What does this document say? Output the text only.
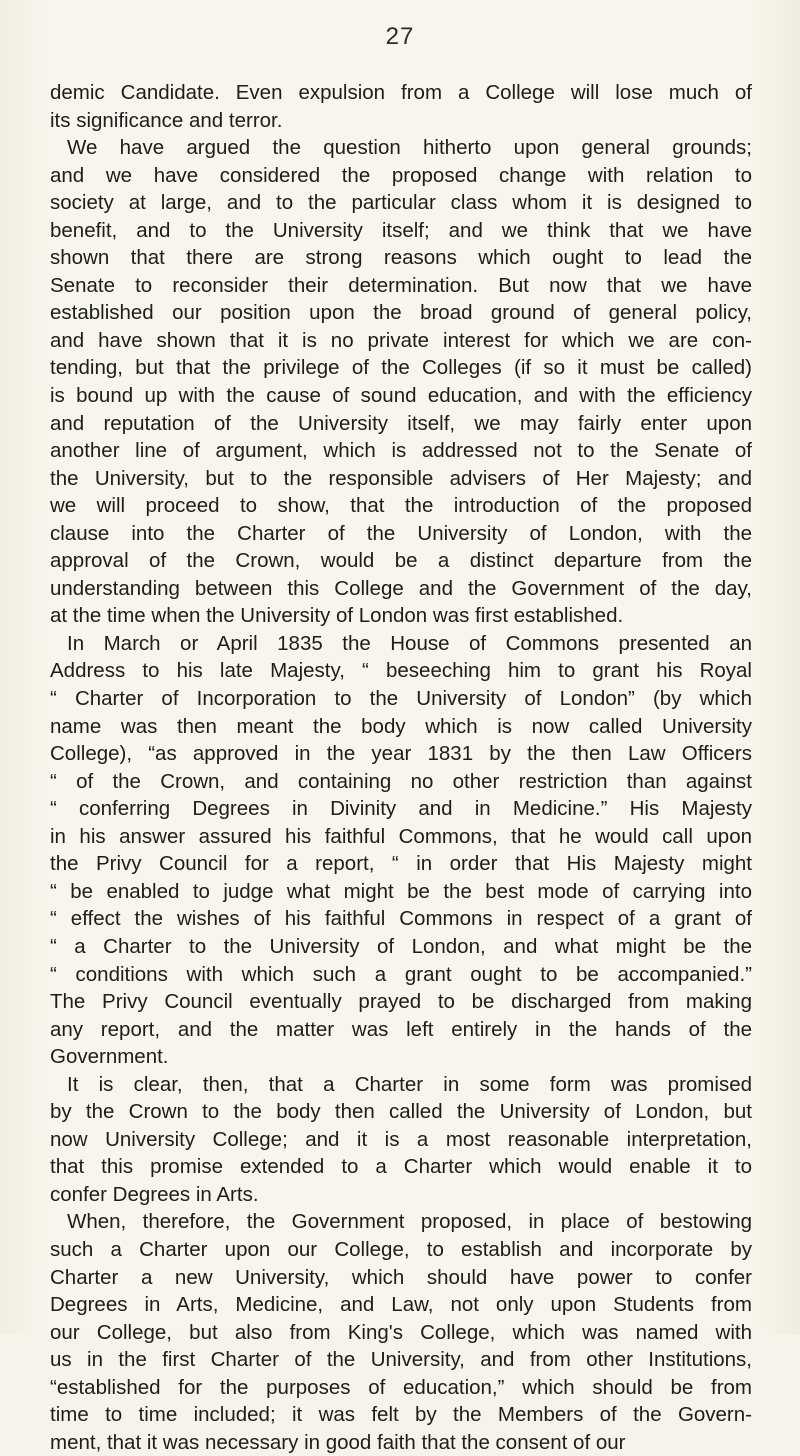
27
demic Candidate. Even expulsion from a College will lose much of
its significance and terror.
We have argued the question hitherto upon general grounds;
and we have considered the proposed change with relation to
society at large, and to the particular class whom it is designed to
benefit, and to the University itself; and we think that we have
shown that there are strong reasons which ought to lead the
Senate to reconsider their determination. But now that we have
established our position upon the broad ground of general policy,
and have shown that it is no private interest for which we are con-
tending, but that the privilege of the Colleges (if so it must be called)
is bound up with the cause of sound education, and with the efficiency
and reputation of the University itself, we may fairly enter upon
another line of argument, which is addressed not to the Senate of
the University, but to the responsible advisers of Her Majesty; and
we will proceed to show, that the introduction of the proposed
clause into the Charter of the University of London, with the
approval of the Crown, would be a distinct departure from the
understanding between this College and the Government of the day,
at the time when the University of London was first established.
In March or April 1835 the House of Commons presented an
Address to his late Majesty, “ beseeching him to grant his Royal
“ Charter of Incorporation to the University of London” (by which
name was then meant the body which is now called University
College), “as approved in the year 1831 by the then Law Officers
“ of the Crown, and containing no other restriction than against
“ conferring Degrees in Divinity and in Medicine.” His Majesty
in his answer assured his faithful Commons, that he would call upon
the Privy Council for a report, “ in order that His Majesty might
“ be enabled to judge what might be the best mode of carrying into
“ effect the wishes of his faithful Commons in respect of a grant of
“ a Charter to the University of London, and what might be the
“ conditions with which such a grant ought to be accompanied.”
The Privy Council eventually prayed to be discharged from making
any report, and the matter was left entirely in the hands of the
Government.
It is clear, then, that a Charter in some form was promised
by the Crown to the body then called the University of London, but
now University College; and it is a most reasonable interpretation,
that this promise extended to a Charter which would enable it to
confer Degrees in Arts.
When, therefore, the Government proposed, in place of bestowing
such a Charter upon our College, to establish and incorporate by
Charter a new University, which should have power to confer
Degrees in Arts, Medicine, and Law, not only upon Students from
our College, but also from King's College, which was named with
us in the first Charter of the University, and from other Institutions,
“established for the purposes of education,” which should be from
time to time included; it was felt by the Members of the Govern-
ment, that it was necessary in good faith that the consent of our
